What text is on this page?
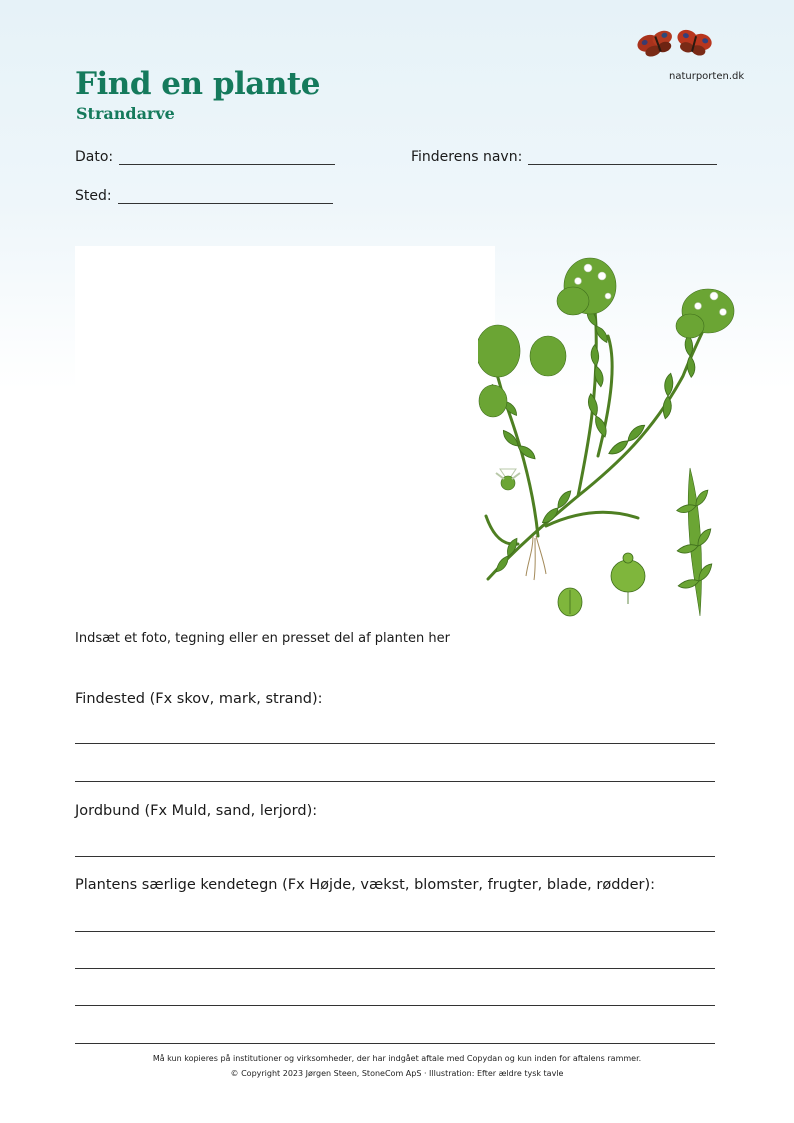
naturporten.dk
Find en plante
Strandarve
Dato:	Finderens navn:
Sted:
Indsæt et foto, tegning eller en presset del af planten her
Findested (Fx skov, mark, strand):
Jordbund (Fx Muld, sand, lerjord):
Plantens særlige kendetegn (Fx Højde, vækst, blomster, frugter, blade, rødder):
Må kun kopieres på institutioner og virksomheder, der har indgået aftale med Copydan og kun inden for aftalens rammer.
© Copyright 2023 Jørgen Steen, StoneCom ApS · Illustration: Efter ældre tysk tavle
